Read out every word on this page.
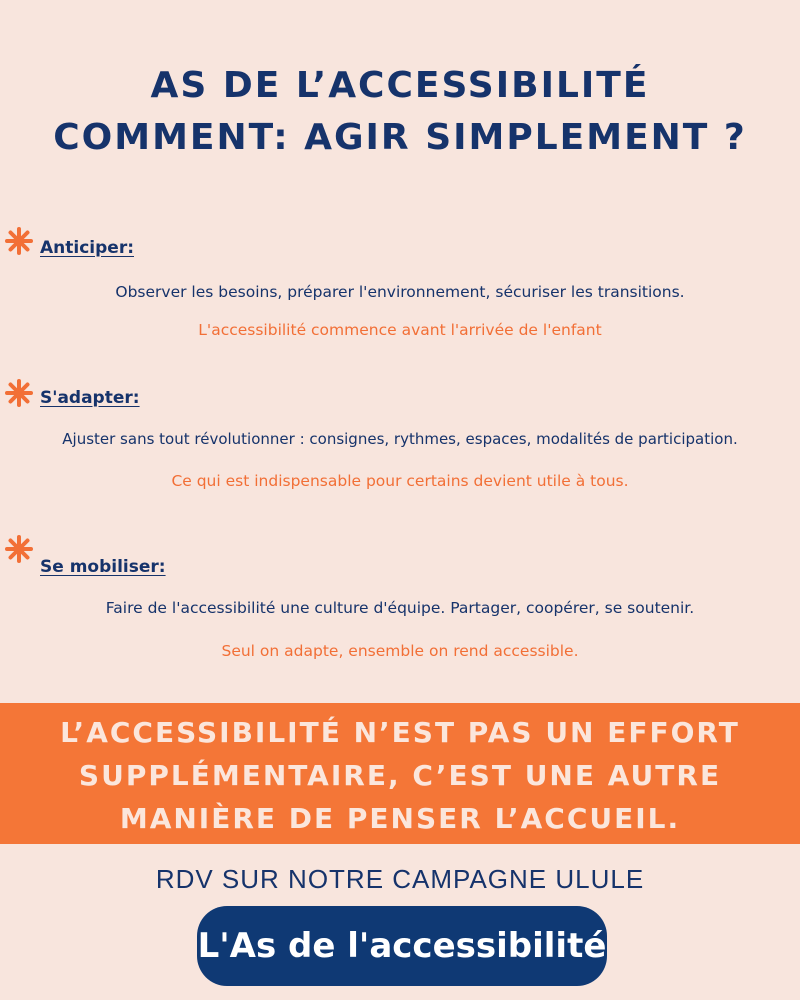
AS DE L’ACCESSIBILITÉ
COMMENT: AGIR SIMPLEMENT ?
Anticiper:

Observer les besoins, préparer l'environnement, sécuriser les transitions.

L'accessibilité commence avant l'arrivée de l'enfant

S'adapter:

Ajuster sans tout révolutionner : consignes, rythmes, espaces, modalités de participation.

Ce qui est indispensable pour certains devient utile à tous.

Se mobiliser:

Faire de l'accessibilité une culture d'équipe. Partager, coopérer, se soutenir.

Seul on adapte, ensemble on rend accessible.

L’ACCESSIBILITÉ N’EST PAS UN EFFORT
SUPPLÉMENTAIRE, C’EST UNE AUTRE
MANIÈRE DE PENSER L’ACCUEIL.

RDV SUR NOTRE CAMPAGNE ULULE

L'As de l'accessibilité
